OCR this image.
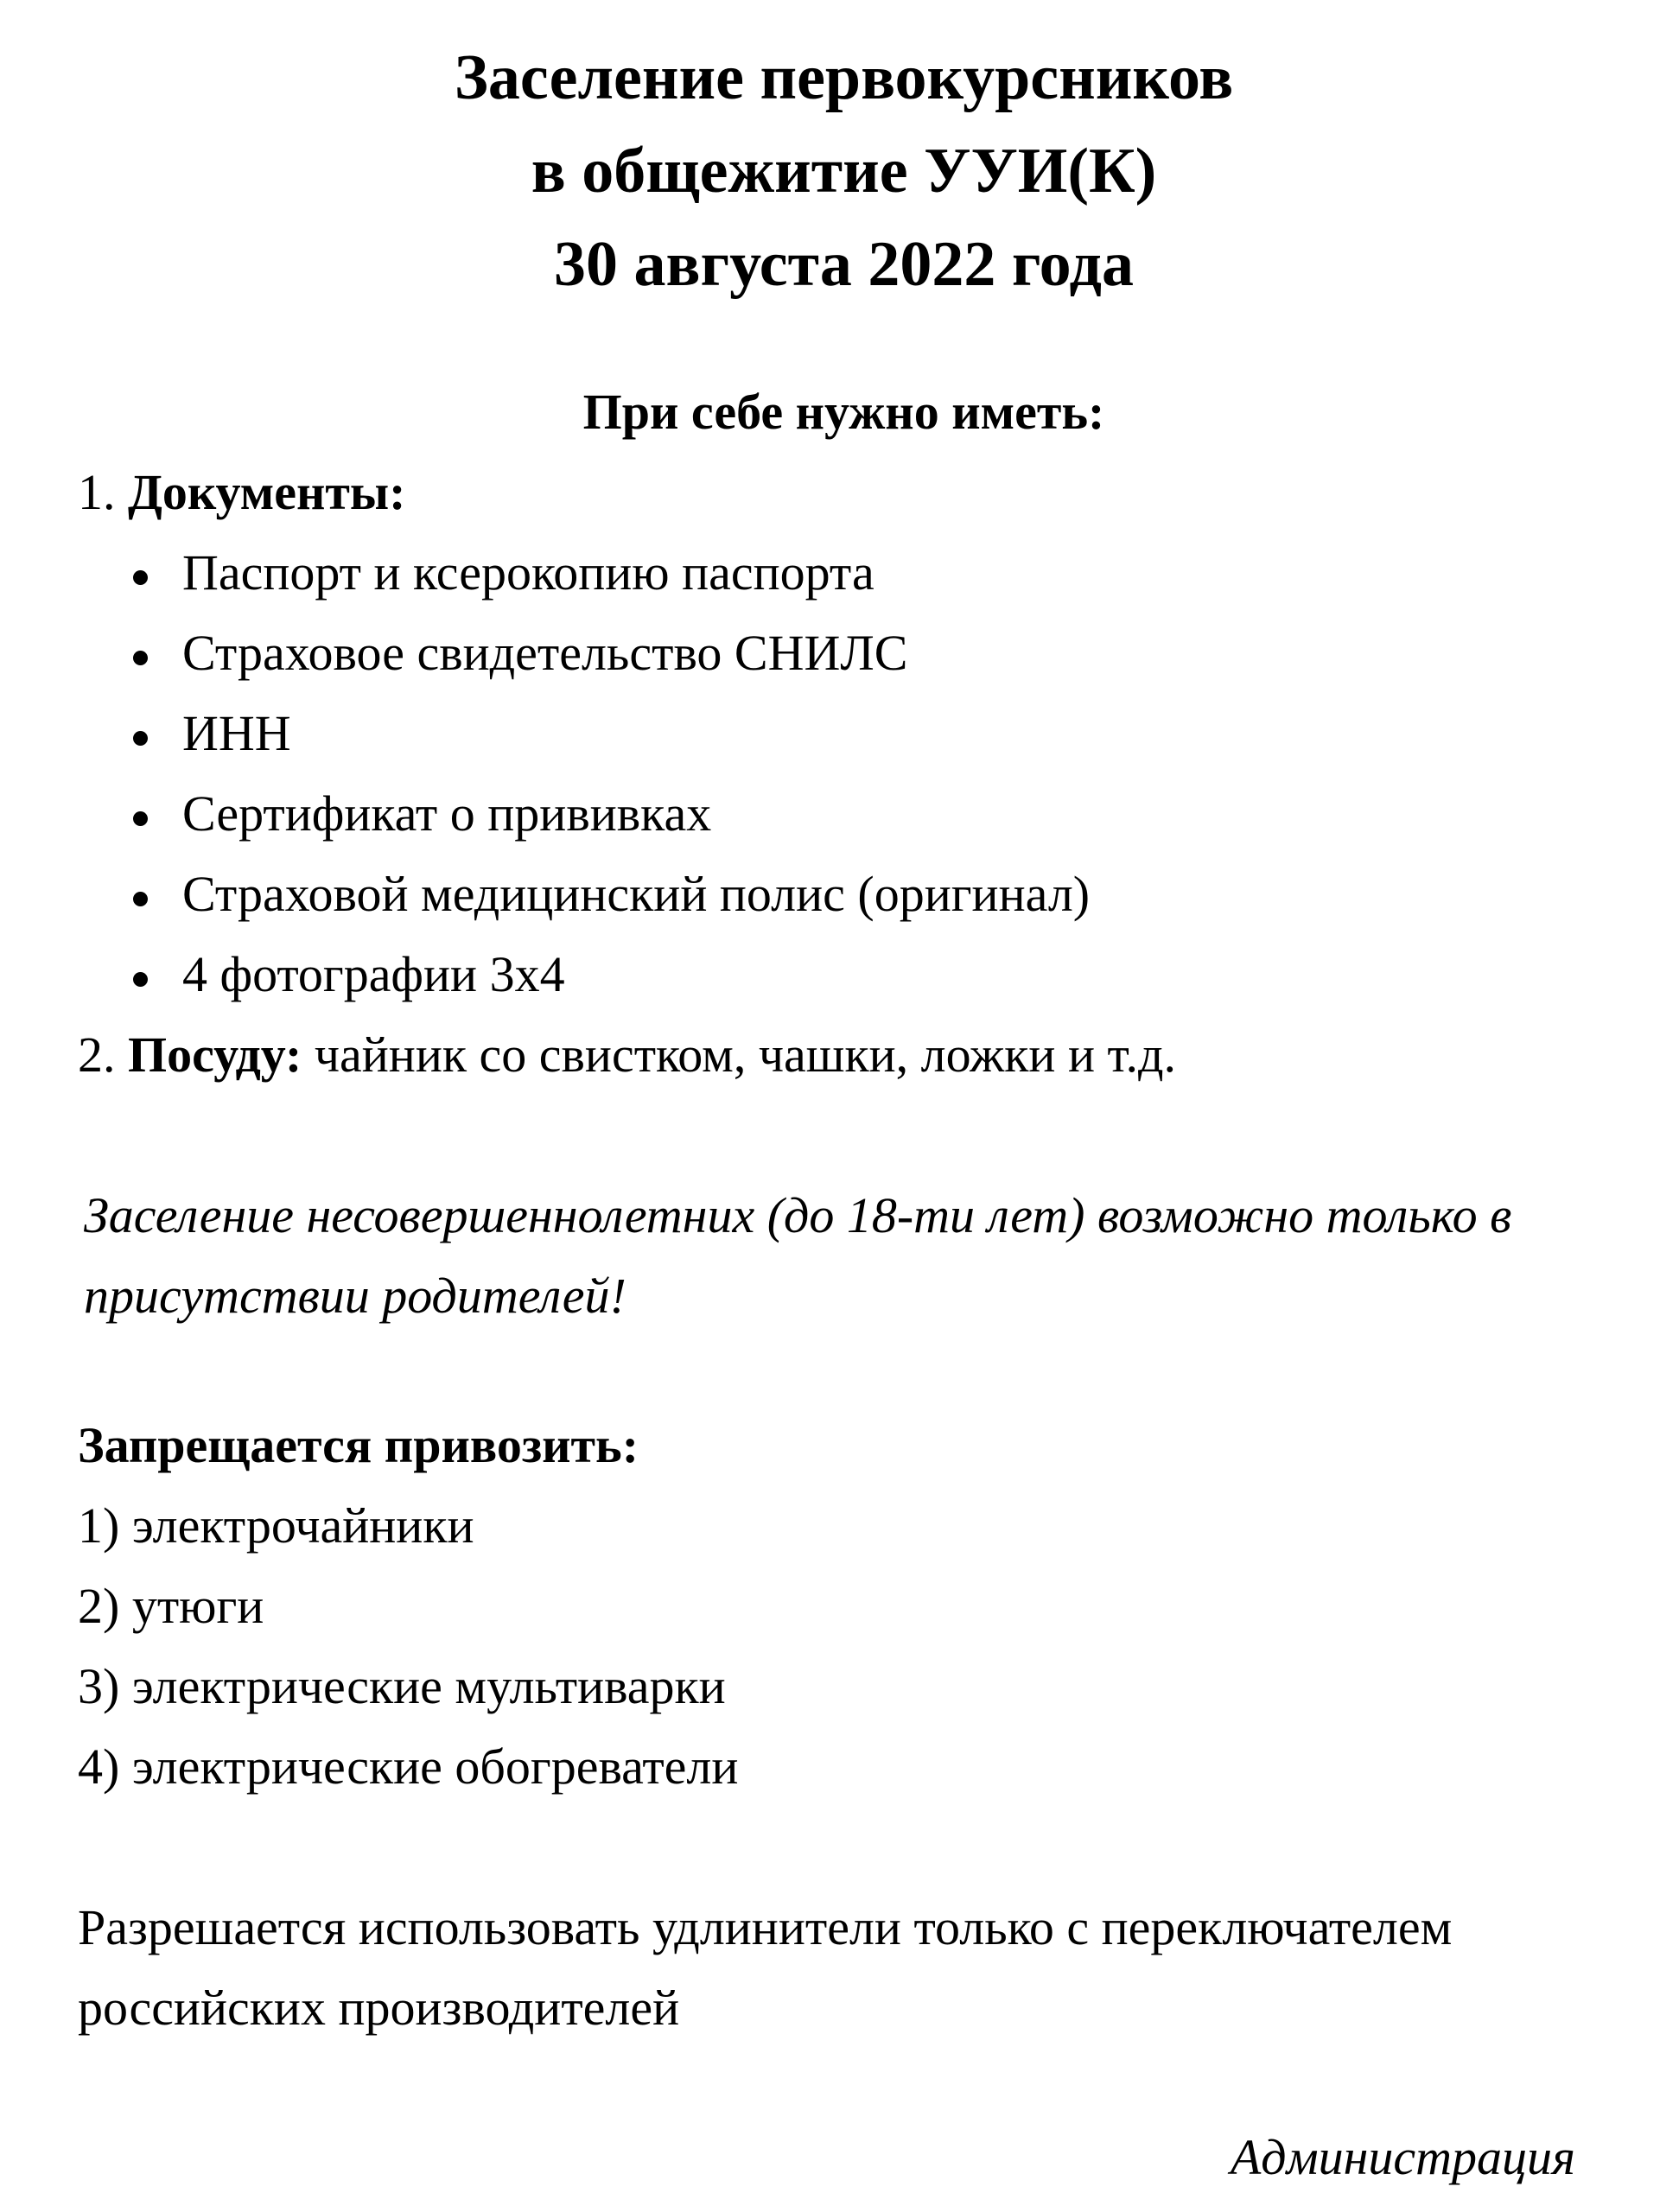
Заселение первокурсников
в общежитие УУИ(К)
30 августа 2022 года
При себе нужно иметь:
1. Документы:
Паспорт и ксерокопию паспорта
Страховое свидетельство СНИЛС
ИНН
Сертификат о прививках
Страховой медицинский полис (оригинал)
4 фотографии 3х4
2. Посуду: чайник со свистком, чашки, ложки и т.д.
Заселение несовершеннолетних (до 18-ти лет) возможно только в присутствии родителей!
Запрещается привозить:
1) электрочайники
2) утюги
3) электрические мультиварки
4) электрические обогреватели
Разрешается использовать удлинители только с переключателем российских производителей
Администрация
